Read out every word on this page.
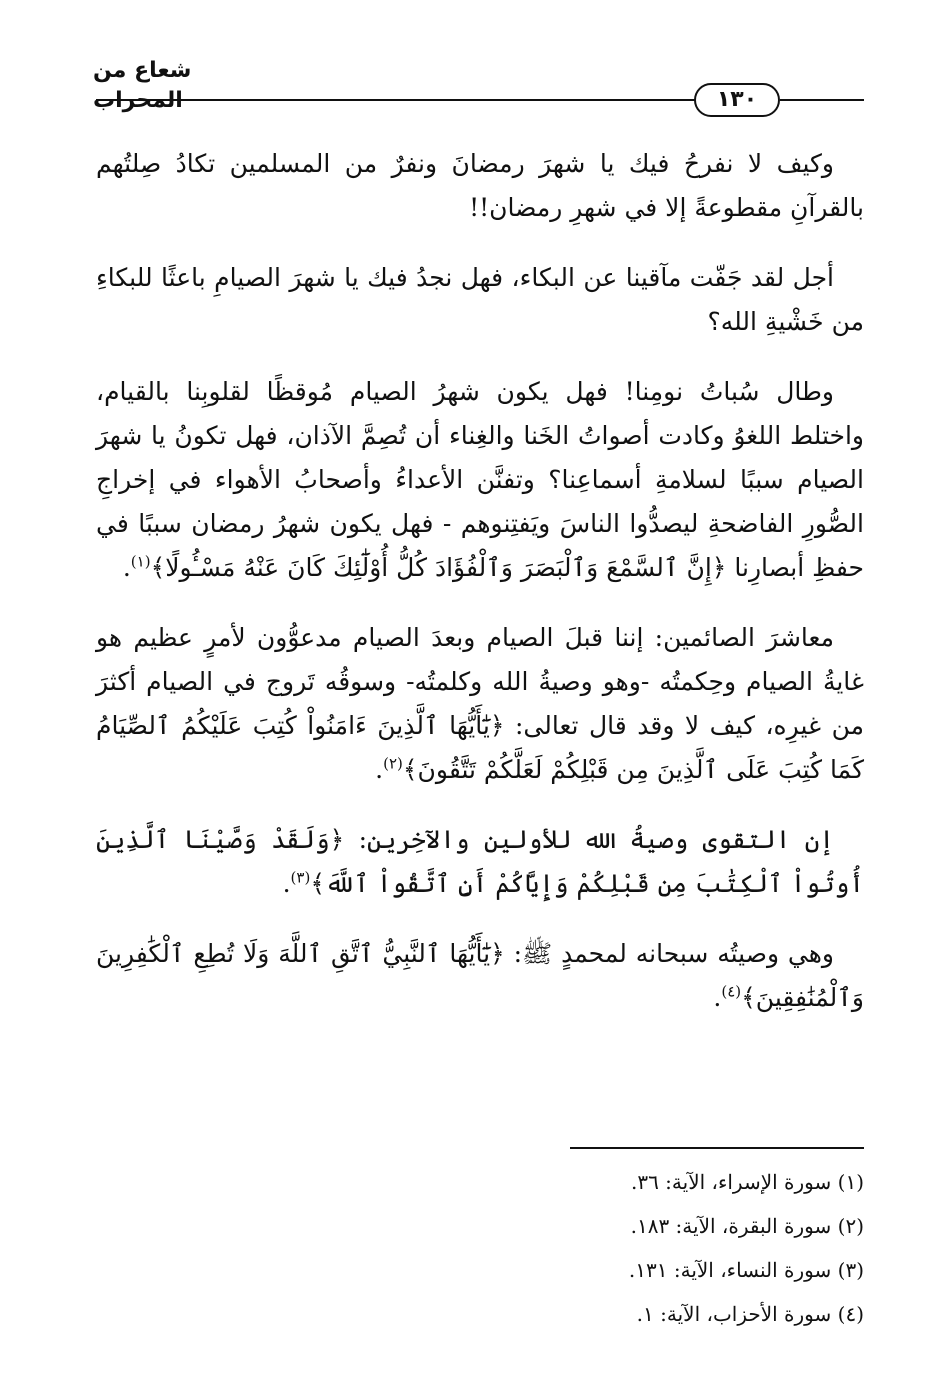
شعاع من المحراب	١٣٠

وكيف لا نفرحُ فيك يا شهرَ رمضانَ ونفرٌ من المسلمين تكادُ صِلتُهم بالقرآنِ مقطوعةً إلا في شهرِ رمضان!!

أجل لقد جَفّت مآقينا عن البكاء، فهل نجدُ فيك يا شهرَ الصيامِ باعثًا للبكاءِ من خَشْيةِ الله؟

وطال سُباتُ نومِنا! فهل يكون شهرُ الصيام مُوقظًا لقلوبِنا بالقيام، واختلط اللغوُ وكادت أصواتُ الخَنا والغِناء أن تُصِمَّ الآذان، فهل تكونُ يا شهرَ الصيام سببًا لسلامةِ أسماعِنا؟ وتفنَّن الأعداءُ وأصحابُ الأهواء في إخراجِ الصُّورِ الفاضحةِ ليصدُّوا الناسَ ويَفتِنوهم - فهل يكون شهرُ رمضان سببًا في حفظِ أبصارِنا ﴿إِنَّ ٱلسَّمْعَ وَٱلْبَصَرَ وَٱلْفُؤَادَ كُلُّ أُوْلَٰٓئِكَ كَانَ عَنْهُ مَسْـُٔولًا﴾$^{(١)}$.

معاشرَ الصائمين: إننا قبلَ الصيام وبعدَ الصيام مدعوُّون لأمرٍ عظيم هو غايةُ الصيام وحِكمتُه -وهو وصيةُ الله وكلمتُه- وسوقُه تَروج في الصيام أكثرَ من غيرِه، كيف لا وقد قال تعالى: ﴿يَٰٓأَيُّهَا ٱلَّذِينَ ءَامَنُواْ كُتِبَ عَلَيْكُمُ ٱلصِّيَامُ كَمَا كُتِبَ عَلَى ٱلَّذِينَ مِن قَبْلِكُمْ لَعَلَّكُمْ تَتَّقُونَ﴾$^{(٢)}$.

إن التقوى وصيةُ الله للأولين والآخِرين: ﴿وَلَقَدْ وَصَّيْنَا ٱلَّذِينَ أُوتُواْ ٱلْكِتَٰبَ مِن قَبْلِكُمْ وَإِيَّاكُمْ أَنِ ٱتَّقُواْ ٱللَّهَ﴾$^{(٣)}$.

وهي وصيتُه سبحانه لمحمدٍ ﷺ: ﴿يَٰٓأَيُّهَا ٱلنَّبِيُّ ٱتَّقِ ٱللَّهَ وَلَا تُطِعِ ٱلْكَٰفِرِينَ وَٱلْمُنَٰفِقِينَ﴾$^{(٤)}$.

(١) سورة الإسراء، الآية: ٣٦.
(٢) سورة البقرة، الآية: ١٨٣.
(٣) سورة النساء، الآية: ١٣١.
(٤) سورة الأحزاب، الآية: ١.
